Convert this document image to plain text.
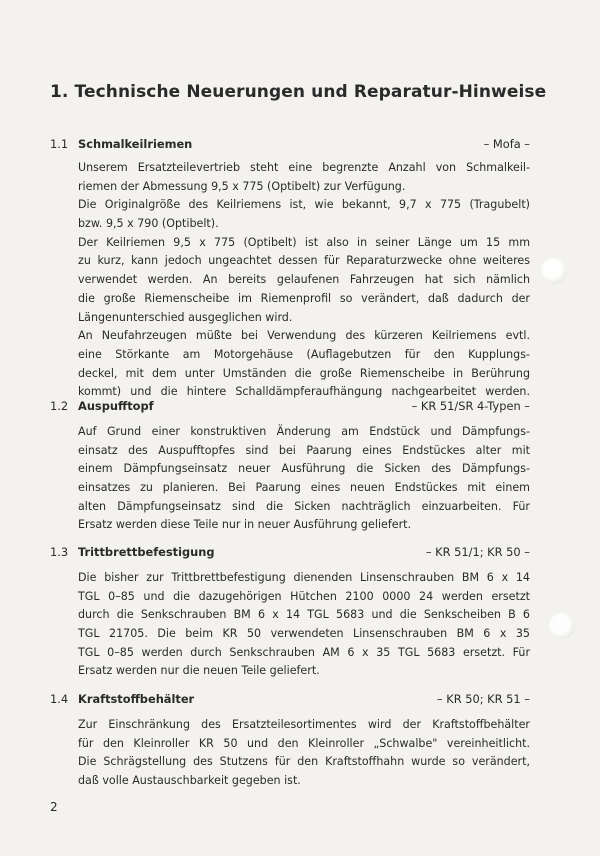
1. Technische Neuerungen und Reparatur-Hinweise
1.1 Schmalkeilriemen	– Mofa –
Unserem Ersatzteilevertrieb steht eine begrenzte Anzahl von Schmalkeil-
riemen der Abmessung 9,5 x 775 (Optibelt) zur Verfügung.
Die Originalgröße des Keilriemens ist, wie bekannt, 9,7 x 775 (Tragubelt)
bzw. 9,5 x 790 (Optibelt).
Der Keilriemen 9,5 x 775 (Optibelt) ist also in seiner Länge um 15 mm
zu kurz, kann jedoch ungeachtet dessen für Reparaturzwecke ohne weiteres
verwendet werden. An bereits gelaufenen Fahrzeugen hat sich nämlich
die große Riemenscheibe im Riemenprofil so verändert, daß dadurch der
Längenunterschied ausgeglichen wird.
An Neufahrzeugen müßte bei Verwendung des kürzeren Keilriemens evtl.
eine Störkante am Motorgehäuse (Auflagebutzen für den Kupplungs-
deckel, mit dem unter Umständen die große Riemenscheibe in Berührung
kommt) und die hintere Schalldämpferaufhängung nachgearbeitet werden.
1.2 Auspufftopf	– KR 51/SR 4-Typen –
Auf Grund einer konstruktiven Änderung am Endstück und Dämpfungs-
einsatz des Auspufftopfes sind bei Paarung eines Endstückes alter mit
einem Dämpfungseinsatz neuer Ausführung die Sicken des Dämpfungs-
einsatzes zu planieren. Bei Paarung eines neuen Endstückes mit einem
alten Dämpfungseinsatz sind die Sicken nachträglich einzuarbeiten. Für
Ersatz werden diese Teile nur in neuer Ausführung geliefert.
1.3 Trittbrettbefestigung	– KR 51/1; KR 50 –
Die bisher zur Trittbrettbefestigung dienenden Linsenschrauben BM 6 x 14
TGL 0–85 und die dazugehörigen Hütchen 2100 0000 24 werden ersetzt
durch die Senkschrauben BM 6 x 14 TGL 5683 und die Senkscheiben B 6
TGL 21705. Die beim KR 50 verwendeten Linsenschrauben BM 6 x 35
TGL 0–85 werden durch Senkschrauben AM 6 x 35 TGL 5683 ersetzt. Für
Ersatz werden nur die neuen Teile geliefert.
1.4 Kraftstoffbehälter	– KR 50; KR 51 –
Zur Einschränkung des Ersatzteilesortimentes wird der Kraftstoffbehälter
für den Kleinroller KR 50 und den Kleinroller „Schwalbe" vereinheitlicht.
Die Schrägstellung des Stutzens für den Kraftstoffhahn wurde so verändert,
daß volle Austauschbarkeit gegeben ist.
2
